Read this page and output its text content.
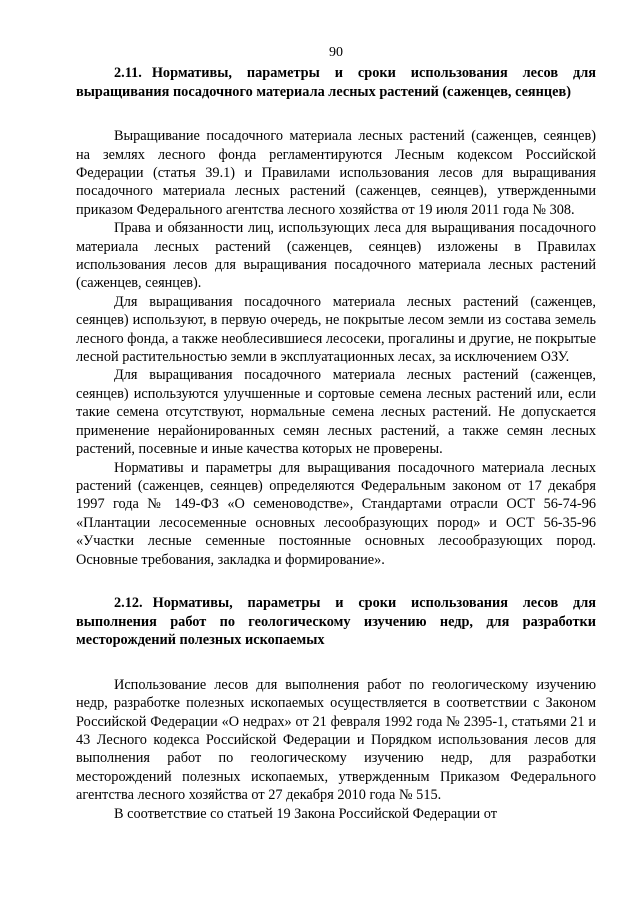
90
2.11. Нормативы, параметры и сроки использования лесов для выращивания посадочного материала лесных растений (саженцев, сеянцев)

Выращивание посадочного материала лесных растений (саженцев, сеянцев) на землях лесного фонда регламентируются Лесным кодексом Российской Федерации (статья 39.1) и Правилами использования лесов для выращивания посадочного материала лесных растений (саженцев, сеянцев), утвержденными приказом Федерального агентства лесного хозяйства от 19 июля 2011 года № 308.

Права и обязанности лиц, использующих леса для выращивания посадочного материала лесных растений (саженцев, сеянцев) изложены в Правилах использования лесов для выращивания посадочного материала лесных растений (саженцев, сеянцев).

Для выращивания посадочного материала лесных растений (саженцев, сеянцев) используют, в первую очередь, не покрытые лесом земли из состава земель лесного фонда, а также необлесившиеся лесосеки, прогалины и другие, не покрытые лесной растительностью земли в эксплуатационных лесах, за исключением ОЗУ.

Для выращивания посадочного материала лесных растений (саженцев, сеянцев) используются улучшенные и сортовые семена лесных растений или, если такие семена отсутствуют, нормальные семена лесных растений. Не допускается применение нерайонированных семян лесных растений, а также семян лесных растений, посевные и иные качества которых не проверены.

Нормативы и параметры для выращивания посадочного материала лесных растений (саженцев, сеянцев) определяются Федеральным законом от 17 декабря 1997 года № 149-ФЗ «О семеноводстве», Стандартами отрасли ОСТ 56-74-96 «Плантации лесосеменные основных лесообразующих пород» и ОСТ 56-35-96 «Участки лесные семенные постоянные основных лесообразующих пород. Основные требования, закладка и формирование».

2.12. Нормативы, параметры и сроки использования лесов для выполнения работ по геологическому изучению недр, для разработки месторождений полезных ископаемых

Использование лесов для выполнения работ по геологическому изучению недр, разработке полезных ископаемых осуществляется в соответствии с Законом Российской Федерации «О недрах» от 21 февраля 1992 года № 2395-1, статьями 21 и 43 Лесного кодекса Российской Федерации и Порядком использования лесов для выполнения работ по геологическому изучению недр, для разработки месторождений полезных ископаемых, утвержденным Приказом Федерального агентства лесного хозяйства от 27 декабря 2010 года № 515.

В соответствие со статьей 19 Закона Российской Федерации от
